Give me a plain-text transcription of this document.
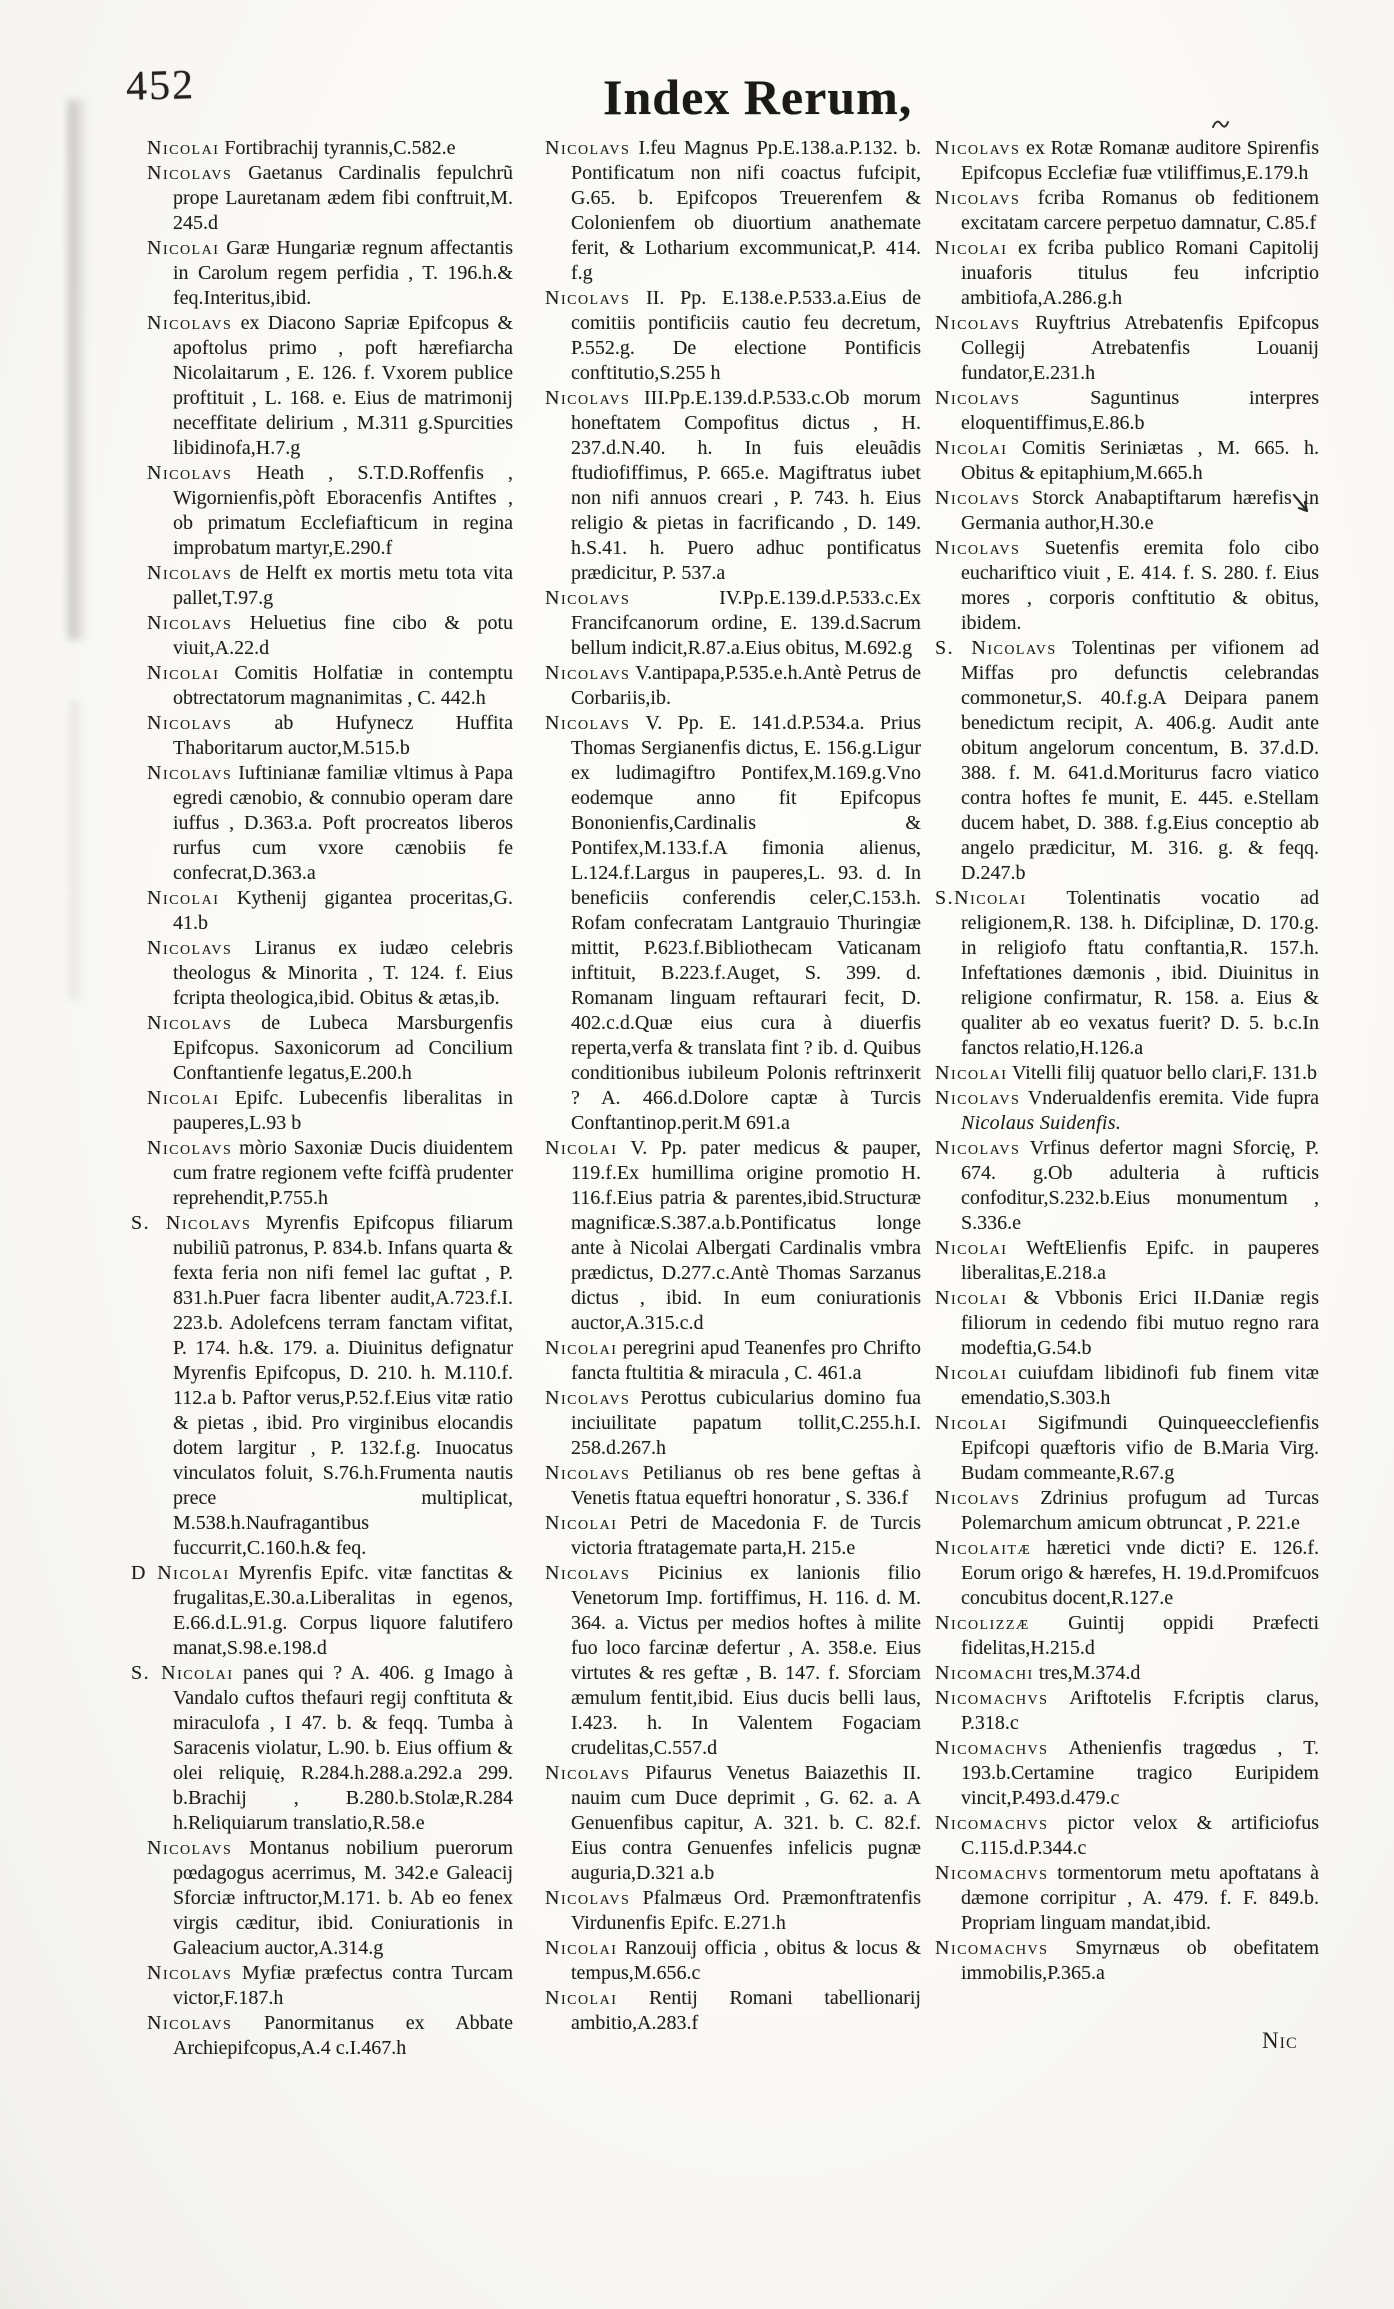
452	Index Rerum,

Nicolai Fortibrachij tyrannis,C.582.e

Nicolavs Gaetanus Cardinalis fepulchrũ prope Lauretanam ædem fibi conftruit,M. 245.d

Nicolai Garæ Hungariæ regnum affectantis in Carolum regem perfidia , T. 196.h.& feq.Interitus,ibid.

Nicolavs ex Diacono Sapriæ Epifcopus & apoftolus primo , poft hærefiarcha Nicolaitarum , E. 126. f. Vxorem publice proftituit , L. 168. e. Eius de matrimonij neceffitate delirium , M.311 g.Spurcities libidinofa,H.7.g

Nicolavs Heath , S.T.D.Roffenfis , Wigornienfis,pòft Eboracenfis Antiftes , ob primatum Ecclefiafticum in regina improbatum martyr,E.290.f

Nicolavs de Helft ex mortis metu tota vita pallet,T.97.g

Nicolavs Heluetius fine cibo & potu viuit,A.22.d

Nicolai Comitis Holfatiæ in contemptu obtrectatorum magnanimitas , C. 442.h

Nicolavs ab Hufynecz Huffita Thaboritarum auctor,M.515.b

Nicolavs Iuftinianæ familiæ vltimus à Papa egredi cænobio, & connubio operam dare iuffus , D.363.a. Poft procreatos liberos rurfus cum vxore cænobiis fe confecrat,D.363.a

Nicolai Kythenij gigantea proceritas,G. 41.b

Nicolavs Liranus ex iudæo celebris theologus & Minorita , T. 124. f. Eius fcripta theologica,ibid. Obitus & ætas,ib.

Nicolavs de Lubeca Marsburgenfis Epifcopus. Saxonicorum ad Concilium Conftantienfe legatus,E.200.h

Nicolai Epifc. Lubecenfis liberalitas in pauperes,L.93 b

Nicolavs mòrio Saxoniæ Ducis diuidentem cum fratre regionem vefte fciffà prudenter reprehendit,P.755.h

S. Nicolavs Myrenfis Epifcopus filiarum nubiliũ patronus, P. 834.b. Infans quarta & fexta feria non nifi femel lac guftat , P. 831.h.Puer facra libenter audit,A.723.f.I. 223.b. Adolefcens terram fanctam vifitat, P. 174. h.&. 179. a. Diuinitus defignatur Myrenfis Epifcopus, D. 210. h. M.110.f. 112.a b. Paftor verus,P.52.f.Eius vitæ ratio & pietas , ibid. Pro virginibus elocandis dotem largitur , P. 132.f.g. Inuocatus vinculatos foluit, S.76.h.Frumenta nautis prece multiplicat, M.538.h.Naufragantibus fuccurrit,C.160.h.& feq.

D Nicolai Myrenfis Epifc. vitæ fanctitas & frugalitas,E.30.a.Liberalitas in egenos, E.66.d.L.91.g. Corpus liquore falutifero manat,S.98.e.198.d

S. Nicolai panes qui ? A. 406. g Imago à Vandalo cuftos thefauri regij conftituta & miraculofa , I 47. b. & feqq. Tumba à Saracenis violatur, L.90. b. Eius offium & olei reliquię, R.284.h.288.a.292.a 299. b.Brachij , B.280.b.Stolæ,R.284 h.Reliquiarum translatio,R.58.e

Nicolavs Montanus nobilium puerorum pœdagogus acerrimus, M. 342.e Galeacij Sforciæ inftructor,M.171. b. Ab eo fenex virgis cæditur, ibid. Coniurationis in Galeacium auctor,A.314.g

Nicolavs Myfiæ præfectus contra Turcam victor,F.187.h

Nicolavs Panormitanus ex Abbate Archiepifcopus,A.4 c.I.467.h

Nicolavs I.feu Magnus Pp.E.138.a.P.132. b. Pontificatum non nifi coactus fufcipit, G.65. b. Epifcopos Treuerenfem & Colonienfem ob diuortium anathemate ferit, & Lotharium excommunicat,P. 414. f.g

Nicolavs II. Pp. E.138.e.P.533.a.Eius de comitiis pontificiis cautio feu decretum, P.552.g. De electione Pontificis conftitutio,S.255 h

Nicolavs III.Pp.E.139.d.P.533.c.Ob morum honeftatem Compofitus dictus , H. 237.d.N.40. h. In fuis eleuãdis ftudiofiffimus, P. 665.e. Magiftratus iubet non nifi annuos creari , P. 743. h. Eius religio & pietas in facrificando , D. 149. h.S.41. h. Puero adhuc pontificatus prædicitur, P. 537.a

Nicolavs IV.Pp.E.139.d.P.533.c.Ex Francifcanorum ordine, E. 139.d.Sacrum bellum indicit,R.87.a.Eius obitus, M.692.g

Nicolavs V.antipapa,P.535.e.h.Antè Petrus de Corbariis,ib.

Nicolavs V. Pp. E. 141.d.P.534.a. Prius Thomas Sergianenfis dictus, E. 156.g.Ligur ex ludimagiftro Pontifex,M.169.g.Vno eodemque anno fit Epifcopus Bononienfis,Cardinalis & Pontifex,M.133.f.A fimonia alienus, L.124.f.Largus in pauperes,L. 93. d. In beneficiis conferendis celer,C.153.h. Rofam confecratam Lantgrauio Thuringiæ mittit, P.623.f.Bibliothecam Vaticanam inftituit, B.223.f.Auget, S. 399. d. Romanam linguam reftaurari fecit, D. 402.c.d.Quæ eius cura à diuerfis reperta,verfa & translata fint ? ib. d. Quibus conditionibus iubileum Polonis reftrinxerit ? A. 466.d.Dolore captæ à Turcis Conftantinop.perit.M 691.a

Nicolai V. Pp. pater medicus & pauper, 119.f.Ex humillima origine promotio H. 116.f.Eius patria & parentes,ibid.Structuræ magnificæ.S.387.a.b.Pontificatus longe ante à Nicolai Albergati Cardinalis vmbra prædictus, D.277.c.Antè Thomas Sarzanus dictus , ibid. In eum coniurationis auctor,A.315.c.d

Nicolai peregrini apud Teanenfes pro Chrifto fancta ftultitia & miracula , C. 461.a

Nicolavs Perottus cubicularius domino fua inciuilitate papatum tollit,C.255.h.I. 258.d.267.h

Nicolavs Petilianus ob res bene geftas à Venetis ftatua equeftri honoratur , S. 336.f

Nicolai Petri de Macedonia F. de Turcis victoria ftratagemate parta,H. 215.e

Nicolavs Picinius ex lanionis filio Venetorum Imp. fortiffimus, H. 116. d. M. 364. a. Victus per medios hoftes à milite fuo loco farcinæ defertur , A. 358.e. Eius virtutes & res geftæ , B. 147. f. Sforciam æmulum fentit,ibid. Eius ducis belli laus, I.423. h. In Valentem Fogaciam crudelitas,C.557.d

Nicolavs Pifaurus Venetus Baiazethis II. nauim cum Duce deprimit , G. 62. a. A Genuenfibus capitur, A. 321. b. C. 82.f. Eius contra Genuenfes infelicis pugnæ auguria,D.321 a.b

Nicolavs Pfalmæus Ord. Præmonftratenfis Virdunenfis Epifc. E.271.h

Nicolai Ranzouij officia , obitus & locus & tempus,M.656.c

Nicolai Rentij Romani tabellionarij ambitio,A.283.f

Nicolavs ex Rotæ Romanæ auditore Spirenfis Epifcopus Ecclefiæ fuæ vtiliffimus,E.179.h

Nicolavs fcriba Romanus ob feditionem excitatam carcere perpetuo damnatur, C.85.f

Nicolai ex fcriba publico Romani Capitolij inuaforis titulus feu infcriptio ambitiofa,A.286.g.h

Nicolavs Ruyftrius Atrebatenfis Epifcopus Collegij Atrebatenfis Louanij fundator,E.231.h

Nicolavs Saguntinus interpres eloquentiffimus,E.86.b

Nicolai Comitis Seriniætas , M. 665. h. Obitus & epitaphium,M.665.h

Nicolavs Storck Anabaptiftarum hærefis in Germania author,H.30.e

Nicolavs Suetenfis eremita folo cibo euchariftico viuit , E. 414. f. S. 280. f. Eius mores , corporis conftitutio & obitus, ibidem.

S. Nicolavs Tolentinas per vifionem ad Miffas pro defunctis celebrandas commonetur,S. 40.f.g.A Deipara panem benedictum recipit, A. 406.g. Audit ante obitum angelorum concentum, B. 37.d.D. 388. f. M. 641.d.Moriturus facro viatico contra hoftes fe munit, E. 445. e.Stellam ducem habet, D. 388. f.g.Eius conceptio ab angelo prædicitur, M. 316. g. & feqq. D.247.b

S.Nicolai Tolentinatis vocatio ad religionem,R. 138. h. Difciplinæ, D. 170.g. in religiofo ftatu conftantia,R. 157.h. Infeftationes dæmonis , ibid. Diuinitus in religione confirmatur, R. 158. a. Eius & qualiter ab eo vexatus fuerit? D. 5. b.c.In fanctos relatio,H.126.a

Nicolai Vitelli filij quatuor bello clari,F. 131.b

Nicolavs Vnderualdenfis eremita. Vide fupra Nicolaus Suidenfis.

Nicolavs Vrfinus defertor magni Sforcię, P. 674. g.Ob adulteria à rufticis confoditur,S.232.b.Eius monumentum , S.336.e

Nicolai WeftElienfis Epifc. in pauperes liberalitas,E.218.a

Nicolai & Vbbonis Erici II.Daniæ regis filiorum in cedendo fibi mutuo regno rara modeftia,G.54.b

Nicolai cuiufdam libidinofi fub finem vitæ emendatio,S.303.h

Nicolai Sigifmundi Quinqueecclefienfis Epifcopi quæftoris vifio de B.Maria Virg. Budam commeante,R.67.g

Nicolavs Zdrinius profugum ad Turcas Polemarchum amicum obtruncat , P. 221.e

Nicolaitæ hæretici vnde dicti? E. 126.f. Eorum origo & hærefes, H. 19.d.Promifcuos concubitus docent,R.127.e

Nicolizzæ Guintij oppidi Præfecti fidelitas,H.215.d

Nicomachi tres,M.374.d

Nicomachvs Ariftotelis F.fcriptis clarus, P.318.c

Nicomachvs Athenienfis tragœdus , T. 193.b.Certamine tragico Euripidem vincit,P.493.d.479.c

Nicomachvs pictor velox & artificiofus C.115.d.P.344.c

Nicomachvs tormentorum metu apoftatans à dæmone corripitur , A. 479. f. F. 849.b. Propriam linguam mandat,ibid.

Nicomachvs Smyrnæus ob obefitatem immobilis,P.365.a

Nic
